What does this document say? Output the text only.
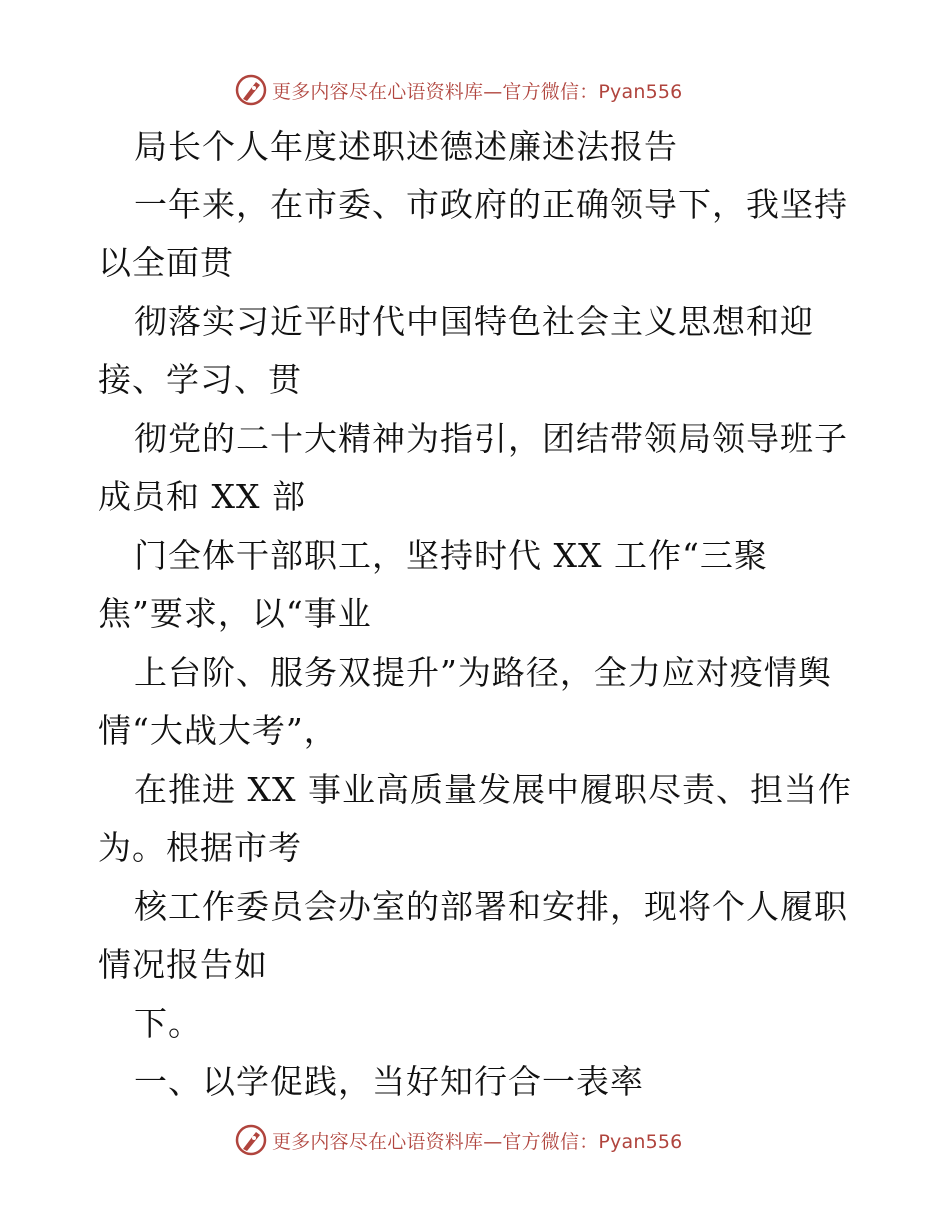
更多内容尽在心语资料库—官方微信：Pyan556
局长个人年度述职述德述廉述法报告
一年来，在市委、市政府的正确领导下，我坚持
以全面贯
彻落实习近平时代中国特色社会主义思想和迎
接、学习、贯
彻党的二十大精神为指引，团结带领局领导班子
成员和 XX 部
门全体干部职工，坚持时代 XX 工作“三聚
焦”要求，以“事业
上台阶、服务双提升”为路径，全力应对疫情舆
情“大战大考”，
在推进 XX 事业高质量发展中履职尽责、担当作
为。根据市考
核工作委员会办室的部署和安排，现将个人履职
情况报告如
下。
一、以学促践，当好知行合一表率
更多内容尽在心语资料库—官方微信：Pyan556
